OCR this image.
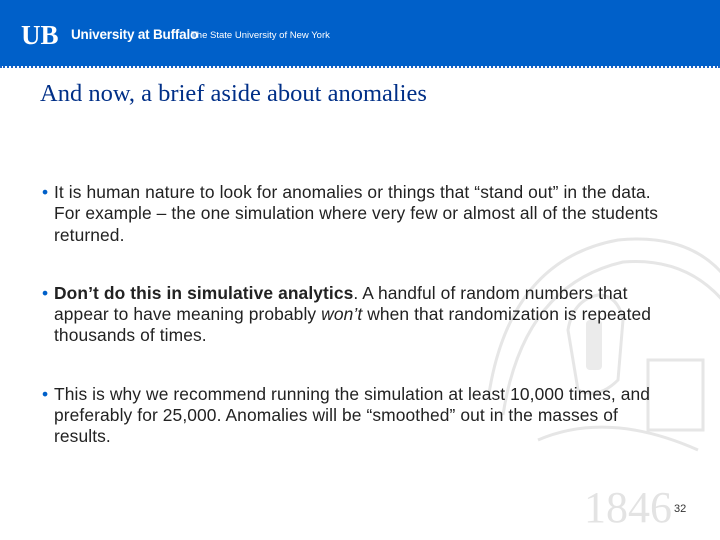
UB University at Buffalo
The State University of New York
1846
And now, a brief aside about anomalies
• It is human nature to look for anomalies or things that “stand out” in the data. For example – the one simulation where very few or almost all of the students returned.
• Don’t do this in simulative analytics. A handful of random numbers that appear to have meaning probably won’t when that randomization is repeated thousands of times.
• This is why we recommend running the simulation at least 10,000 times, and preferably for 25,000. Anomalies will be “smoothed” out in the masses of results.
32
